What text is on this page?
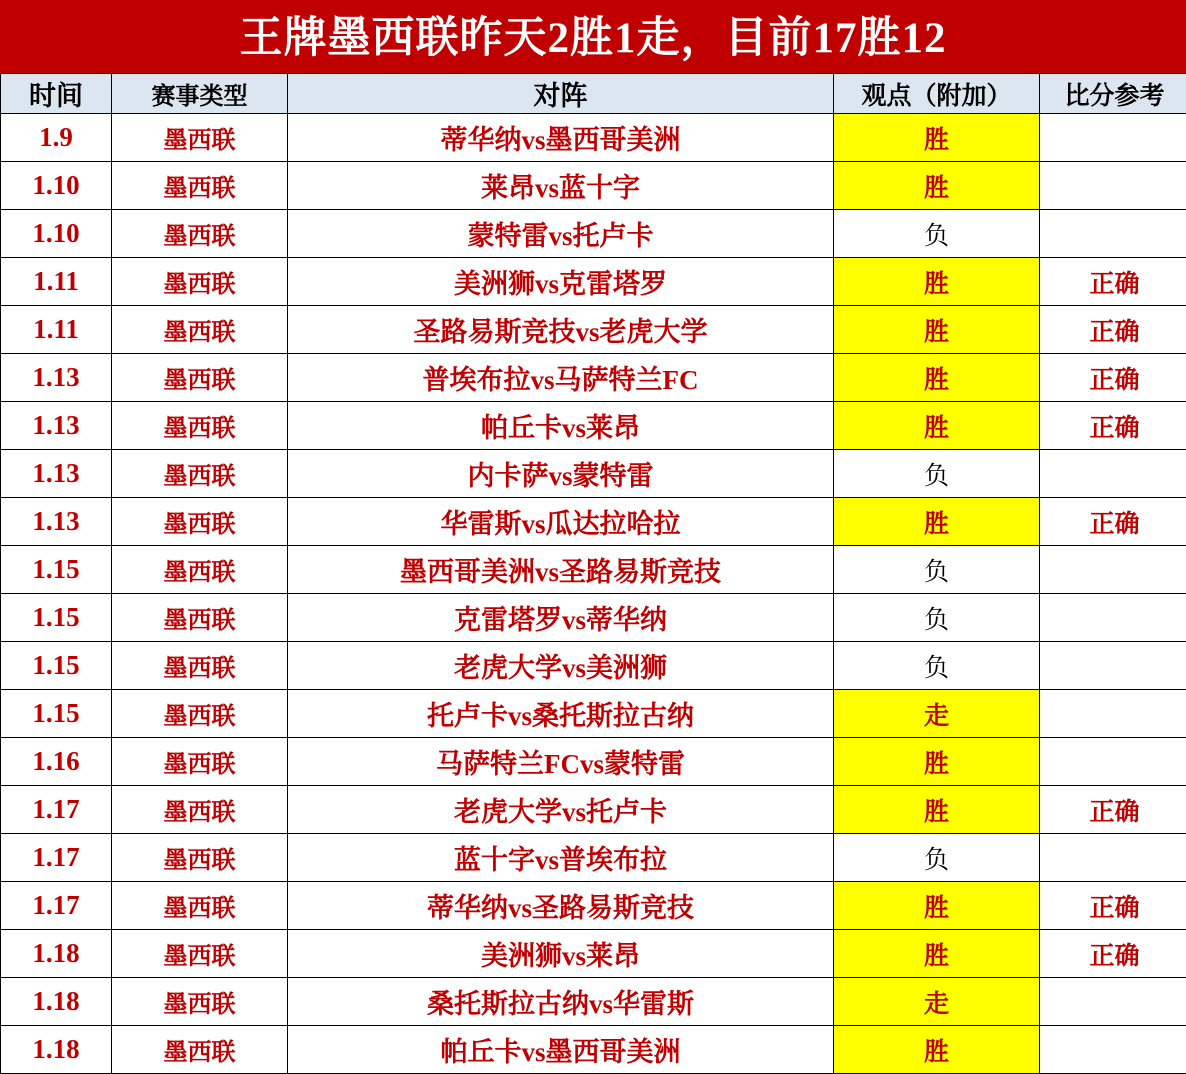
王牌墨西联昨天2胜1走，目前17胜12
时间	赛事类型	对阵	观点（附加）	比分参考
1.9	墨西联	蒂华纳vs墨西哥美洲	胜	
1.10	墨西联	莱昂vs蓝十字	胜	
1.10	墨西联	蒙特雷vs托卢卡	负	
1.11	墨西联	美洲狮vs克雷塔罗	胜	正确
1.11	墨西联	圣路易斯竞技vs老虎大学	胜	正确
1.13	墨西联	普埃布拉vs马萨特兰FC	胜	正确
1.13	墨西联	帕丘卡vs莱昂	胜	正确
1.13	墨西联	内卡萨vs蒙特雷	负	
1.13	墨西联	华雷斯vs瓜达拉哈拉	胜	正确
1.15	墨西联	墨西哥美洲vs圣路易斯竞技	负	
1.15	墨西联	克雷塔罗vs蒂华纳	负	
1.15	墨西联	老虎大学vs美洲狮	负	
1.15	墨西联	托卢卡vs桑托斯拉古纳	走	
1.16	墨西联	马萨特兰FCvs蒙特雷	胜	
1.17	墨西联	老虎大学vs托卢卡	胜	正确
1.17	墨西联	蓝十字vs普埃布拉	负	
1.17	墨西联	蒂华纳vs圣路易斯竞技	胜	正确
1.18	墨西联	美洲狮vs莱昂	胜	正确
1.18	墨西联	桑托斯拉古纳vs华雷斯	走	
1.18	墨西联	帕丘卡vs墨西哥美洲	胜	
